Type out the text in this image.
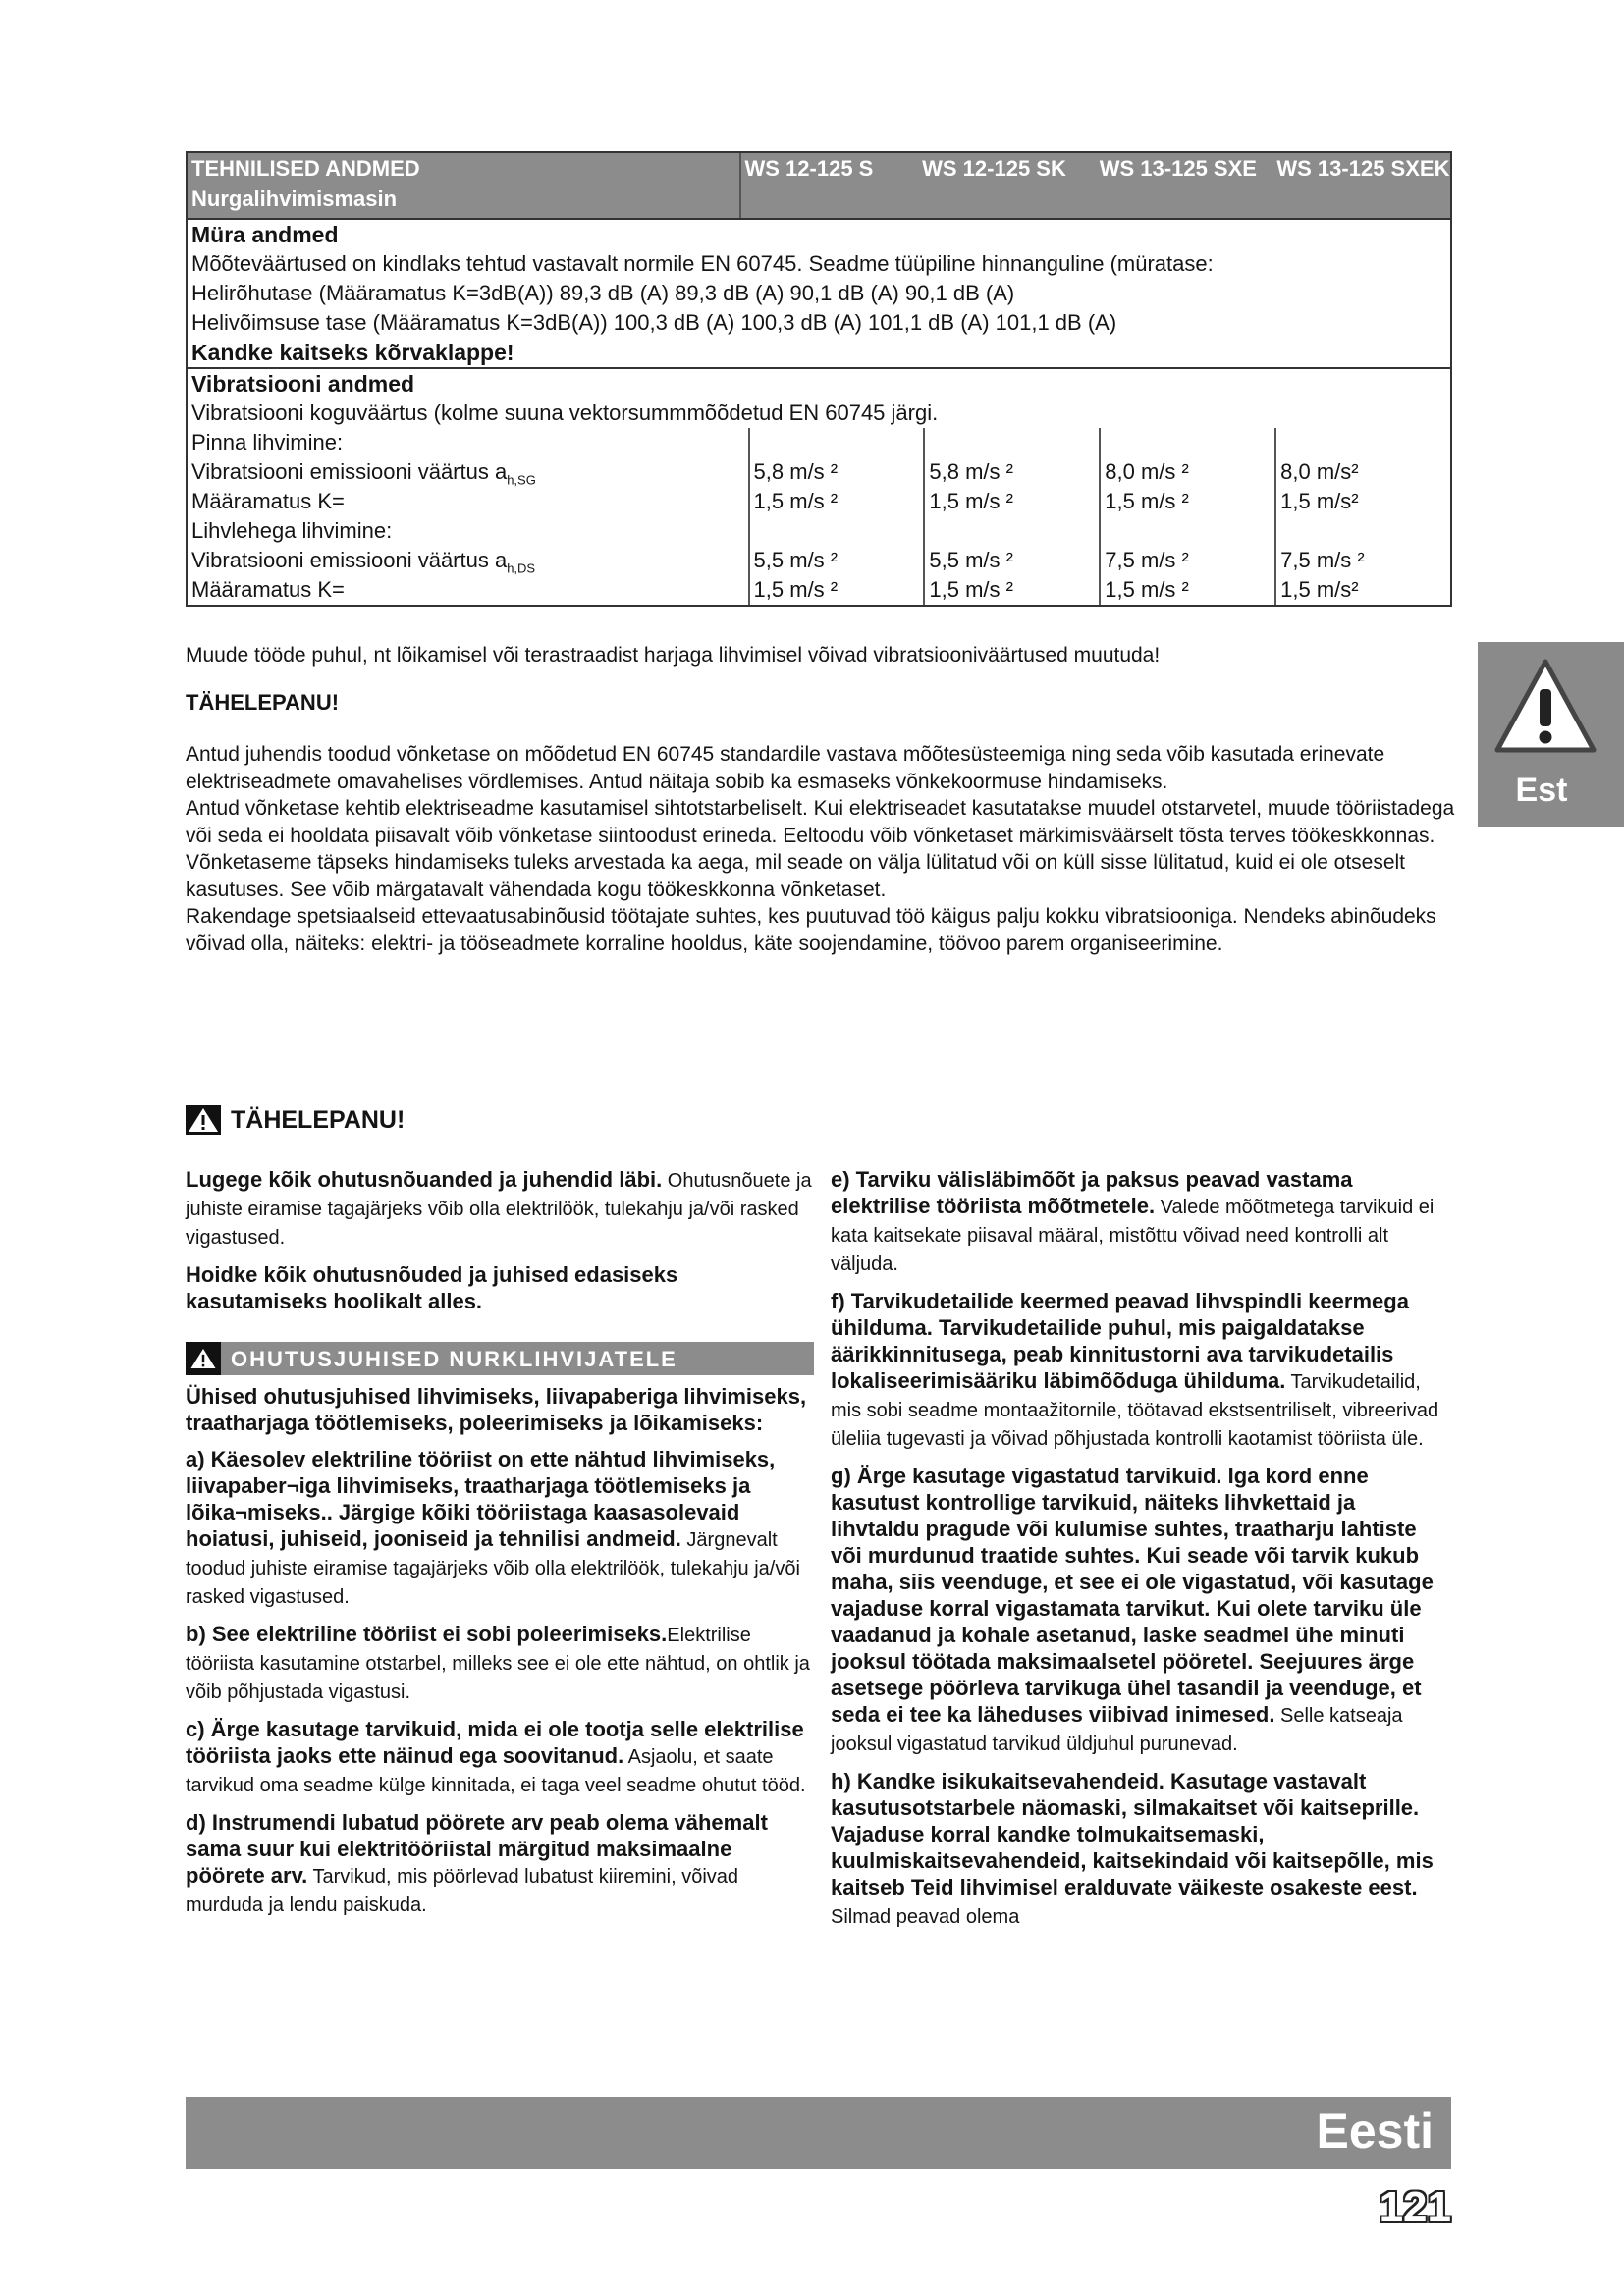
TEHNILISED ANDMED
Nurgalihvimismasin
WS 12-125 S	WS 12-125 SK	WS 13-125 SXE WS 13-125 SXEK
Müra andmed
Mõõteväärtused on kindlaks tehtud vastavalt normile EN 60745. Seadme tüüpiline hinnanguline (müratase:
Helirõhutase (Määramatus K=3dB(A)) 89,3 dB (A) 89,3 dB (A) 90,1 dB (A) 90,1 dB (A)
Helivõimsuse tase (Määramatus K=3dB(A)) 100,3 dB (A) 100,3 dB (A) 101,1 dB (A) 101,1 dB (A)
Kandke kaitseks kõrvaklappe!
Vibratsiooni andmed
Vibratsiooni koguväärtus (kolme suuna vektorsummmõõdetud EN 60745 järgi.
Pinna lihvimine:
Vibratsiooni emissiooni väärtus $a_{h,SG}$	5,8 m/s ²	5,8 m/s ²	8,0 m/s ²	8,0 m/s²
Määramatus K=	1,5 m/s ²	1,5 m/s ²	1,5 m/s ²	1,5 m/s²
Lihvlehega lihvimine:
Vibratsiooni emissiooni väärtus $a_{h,DS}$	5,5 m/s ²	5,5 m/s ²	7,5 m/s ²	7,5 m/s ²
Määramatus K=	1,5 m/s ²	1,5 m/s ²	1,5 m/s ²	1,5 m/s²
Est
Muude tööde puhul, nt lõikamisel või terastraadist harjaga lihvimisel võivad vibratsiooniväärtused muutuda!
TÄHELEPANU!

Antud juhendis toodud võnketase on mõõdetud EN 60745 standardile vastava mõõtesüsteemiga ning seda võib kasutada erinevate elektriseadmete omavahelises võrdlemises. Antud näitaja sobib ka esmaseks võnkekoormuse hindamiseks.

Antud võnketase kehtib elektriseadme kasutamisel sihtotstarbeliselt. Kui elektriseadet kasutatakse muudel otstarvetel, muude tööriistadega või seda ei hooldata piisavalt võib võnketase siintoodust erineda. Eeltoodu võib võnketaset märkimisväärselt tõsta terves töökeskkonnas.

Võnketaseme täpseks hindamiseks tuleks arvestada ka aega, mil seade on välja lülitatud või on küll sisse lülitatud, kuid ei ole otseselt kasutuses. See võib märgatavalt vähendada kogu töökeskkonna võnketaset.

Rakendage spetsiaalseid ettevaatusabinõusid töötajate suhtes, kes puutuvad töö käigus palju kokku vibratsiooniga. Nendeks abinõudeks võivad olla, näiteks: elektri- ja tööseadmete korraline hooldus, käte soojendamine, töövoo parem organiseerimine.

TÄHELEPANU!
Lugege kõik ohutusnõuanded ja juhendid läbi. Ohutusnõuete ja juhiste eiramise tagajärjeks võib olla elektrilöök, tulekahju ja/või rasked vigastused.
Hoidke kõik ohutusnõuded ja juhised edasiseks kasutamiseks hoolikalt alles.
OHUTUSJUHISED NURKLIHVIJATELE
Ühised ohutusjuhised lihvimiseks, liivapaberiga lihvimiseks, traatharjaga töötlemiseks, poleerimiseks ja lõikamiseks:
a) Käesolev elektriline tööriist on ette nähtud lihvimiseks, liivapaber¬iga lihvimiseks, traatharjaga töötlemiseks ja lõika¬miseks.. Järgige kõiki tööriistaga kaasasolevaid hoiatusi, juhiseid, jooniseid ja tehnilisi andmeid. Järgnevalt toodud juhiste eiramise tagajärjeks võib olla elektrilöök, tulekahju ja/või rasked vigastused.
b) See elektriline tööriist ei sobi poleerimiseks.Elektrilise tööriista kasutamine otstarbel, milleks see ei ole ette nähtud, on ohtlik ja võib põhjustada vigastusi.
c) Ärge kasutage tarvikuid, mida ei ole tootja selle elektrilise tööriista jaoks ette näinud ega soovitanud. Asjaolu, et saate tarvikud oma seadme külge kinnitada, ei taga veel seadme ohutut tööd.
d) Instrumendi lubatud pöörete arv peab olema vähemalt sama suur kui elektritööriistal märgitud maksimaalne pöörete arv. Tarvikud, mis pöörlevad lubatust kiiremini, võivad murduda ja lendu paiskuda.
e) Tarviku välisläbimõõt ja paksus peavad vastama elektrilise tööriista mõõtmetele. Valede mõõtmetega tarvikuid ei kata kaitsekate piisaval määral, mistõttu võivad need kontrolli alt väljuda.
f) Tarvikudetailide keermed peavad lihvspindli keermega ühilduma. Tarvikudetailide puhul, mis paigaldatakse äärikkinnitusega, peab kinnitustorni ava tarvikudetailis lokaliseerimisääriku läbimõõduga ühilduma. Tarvikudetailid, mis sobi seadme montaažitornile, töötavad ekstsentriliselt, vibreerivad üleliia tugevasti ja võivad põhjustada kontrolli kaotamist tööriista üle.
g) Ärge kasutage vigastatud tarvikuid. Iga kord enne kasutust kontrollige tarvikuid, näiteks lihvkettaid ja lihvtaldu pragude või kulumise suhtes, traatharju lahtiste või murdunud traatide suhtes. Kui seade või tarvik kukub maha, siis veenduge, et see ei ole vigastatud, või kasutage vajaduse korral vigastamata tarvikut. Kui olete tarviku üle vaadanud ja kohale asetanud, laske seadmel ühe minuti jooksul töötada maksimaalsetel pööretel. Seejuures ärge asetsege pöörleva tarvikuga ühel tasandil ja veenduge, et seda ei tee ka läheduses viibivad inimesed. Selle katseaja jooksul vigastatud tarvikud üldjuhul purunevad.
h) Kandke isikukaitsevahendeid. Kasutage vastavalt kasutusotstarbele näomaski, silmakaitset või kaitseprille. Vajaduse korral kandke tolmukaitsemaski, kuulmiskaitsevahendeid, kaitsekindaid või kaitsepõlle, mis kaitseb Teid lihvimisel eralduvate väikeste osakeste eest. Silmad peavad olema
Eesti
121
